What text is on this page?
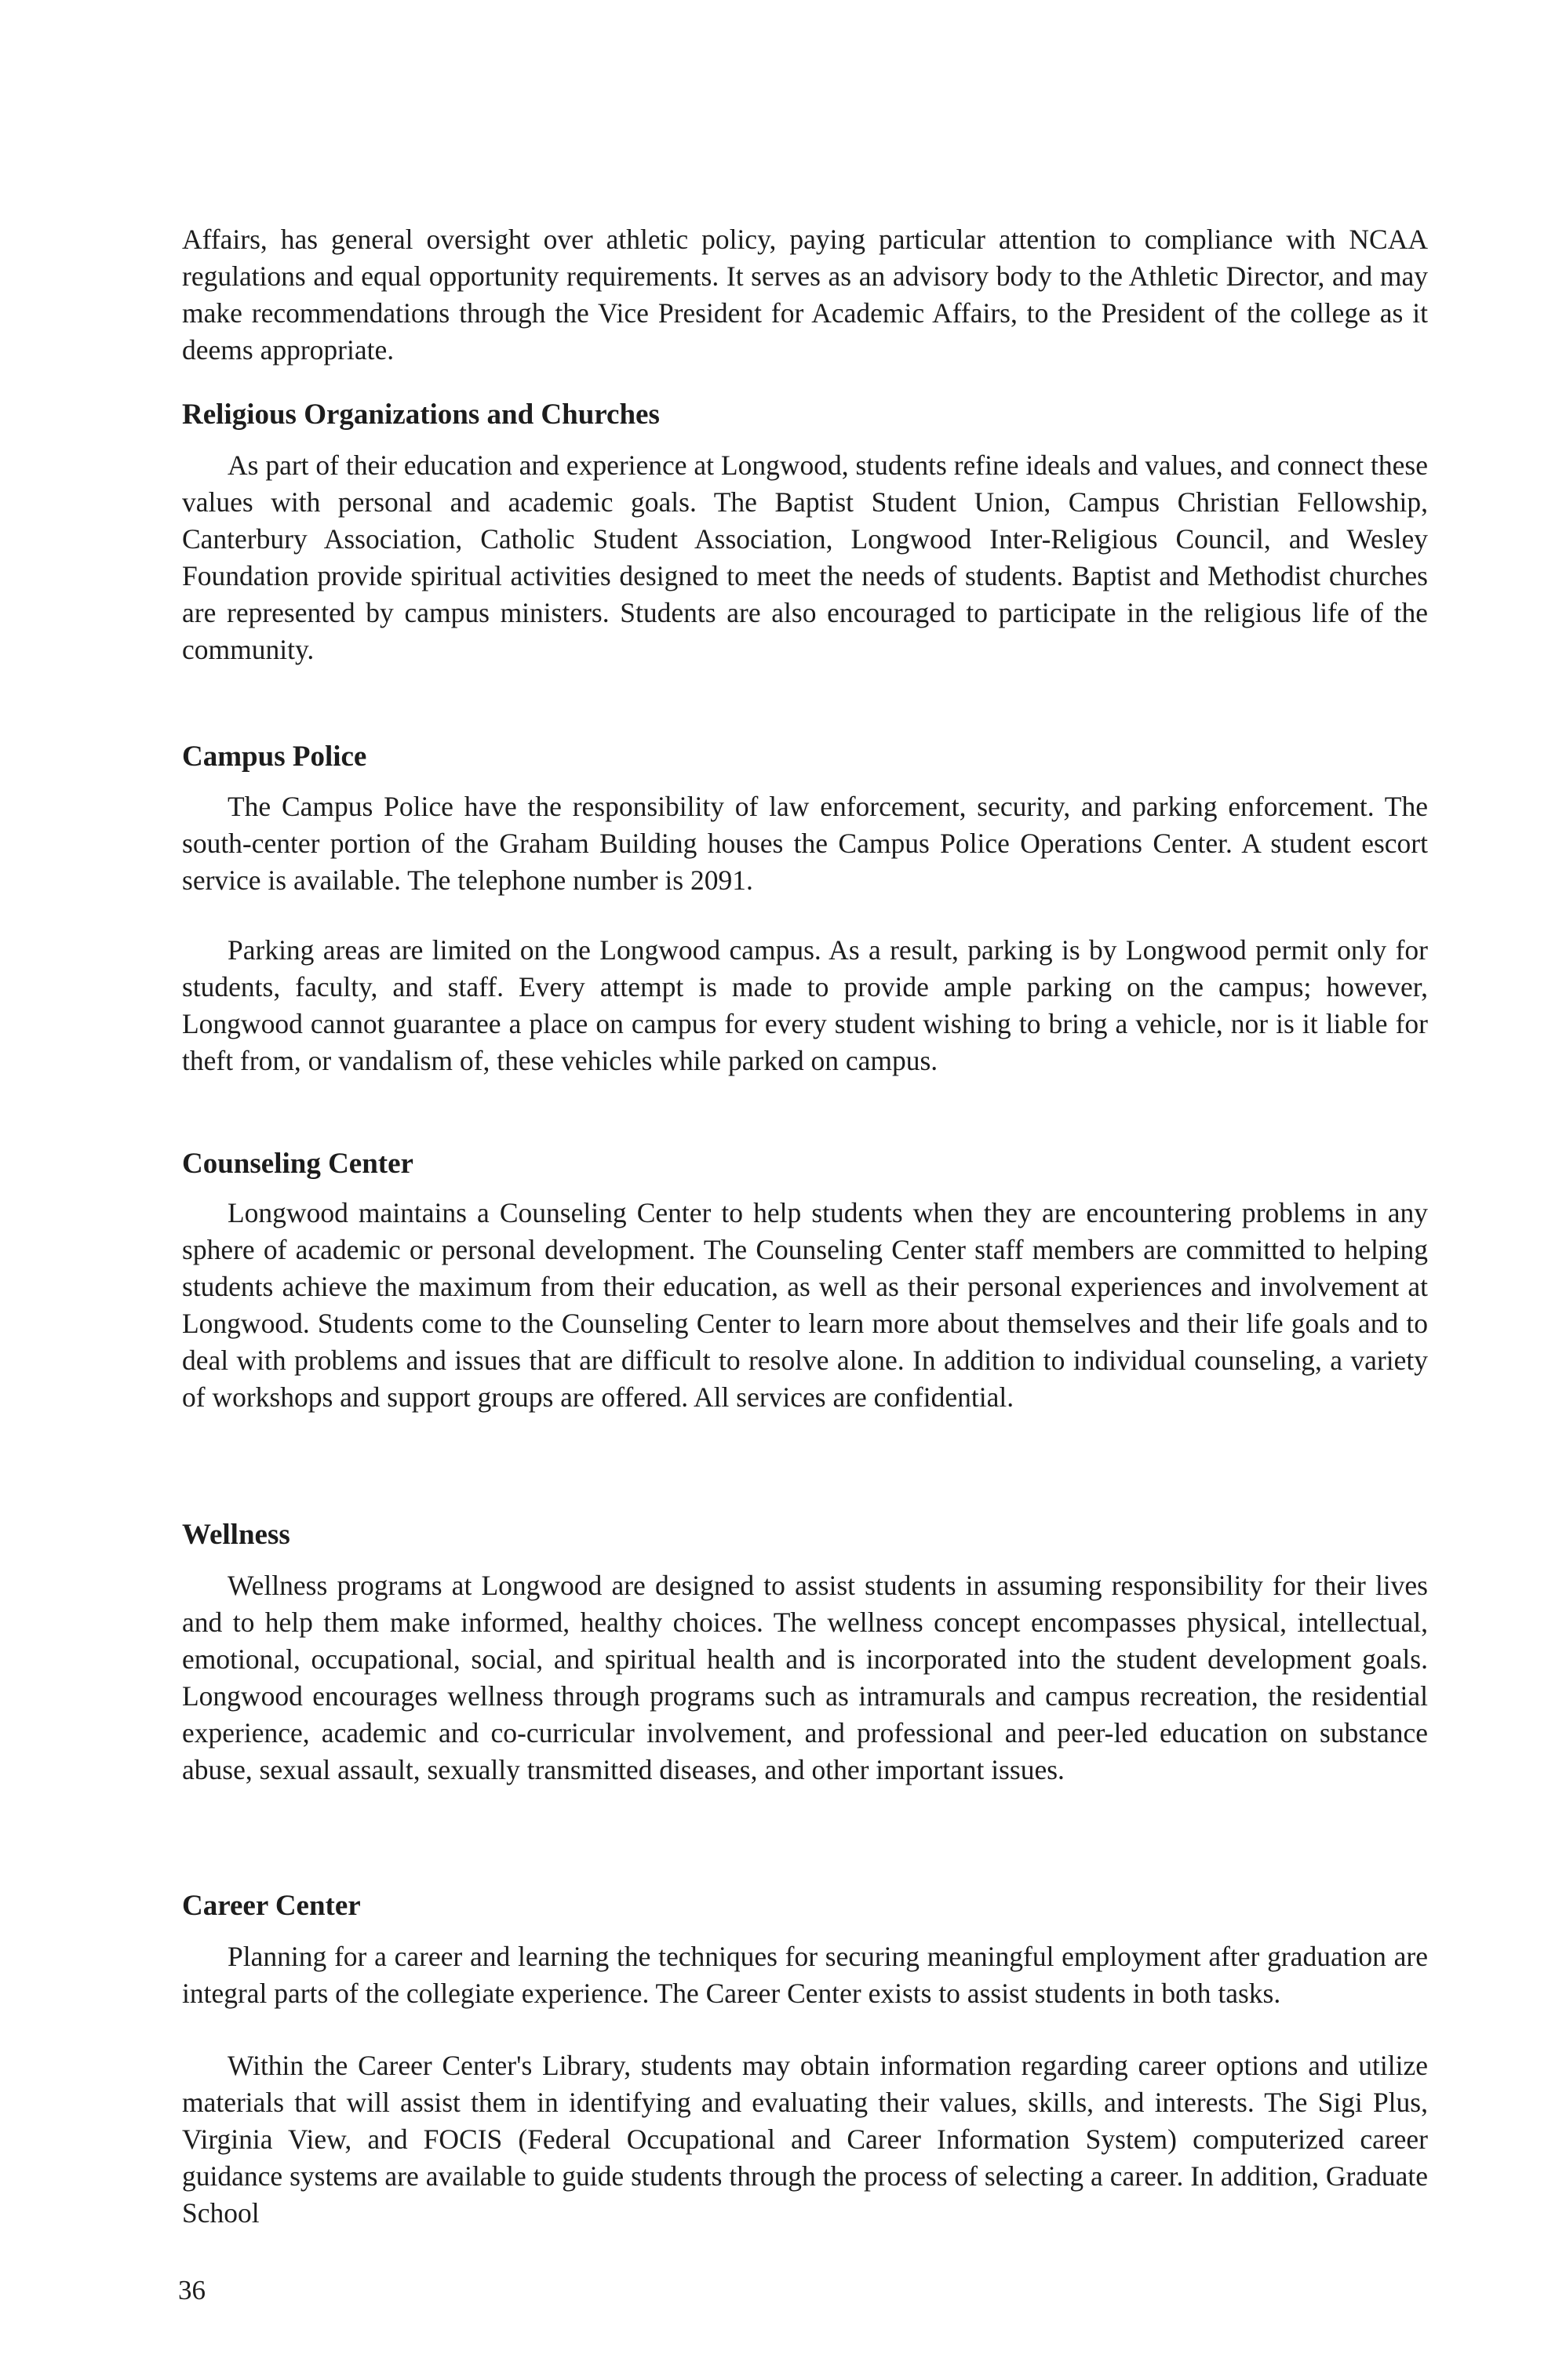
Affairs, has general oversight over athletic policy, paying particular attention to compliance with NCAA regulations and equal opportunity requirements. It serves as an advisory body to the Athletic Director, and may make recommendations through the Vice President for Academic Affairs, to the President of the college as it deems appropriate.

Religious Organizations and Churches

As part of their education and experience at Longwood, students refine ideals and values, and connect these values with personal and academic goals. The Baptist Student Union, Campus Christian Fellowship, Canterbury Association, Catholic Student Association, Longwood Inter-Religious Council, and Wesley Foundation provide spiritual activities designed to meet the needs of students. Baptist and Methodist churches are represented by campus ministers. Students are also encouraged to participate in the religious life of the community.

Campus Police

The Campus Police have the responsibility of law enforcement, security, and parking enforcement. The south-center portion of the Graham Building houses the Campus Police Operations Center. A student escort service is available. The telephone number is 2091.

Parking areas are limited on the Longwood campus. As a result, parking is by Longwood permit only for students, faculty, and staff. Every attempt is made to provide ample parking on the campus; however, Longwood cannot guarantee a place on campus for every student wishing to bring a vehicle, nor is it liable for theft from, or vandalism of, these vehicles while parked on campus.

Counseling Center

Longwood maintains a Counseling Center to help students when they are encountering problems in any sphere of academic or personal development. The Counseling Center staff members are committed to helping students achieve the maximum from their education, as well as their personal experiences and involvement at Longwood. Students come to the Counseling Center to learn more about themselves and their life goals and to deal with problems and issues that are difficult to resolve alone. In addition to individual counseling, a variety of workshops and support groups are offered. All services are confidential.

Wellness

Wellness programs at Longwood are designed to assist students in assuming responsibility for their lives and to help them make informed, healthy choices. The wellness concept encompasses physical, intellectual, emotional, occupational, social, and spiritual health and is incorporated into the student development goals. Longwood encourages wellness through programs such as intramurals and campus recreation, the residential experience, academic and co-curricular involvement, and professional and peer-led education on substance abuse, sexual assault, sexually transmitted diseases, and other important issues.

Career Center

Planning for a career and learning the techniques for securing meaningful employment after graduation are integral parts of the collegiate experience. The Career Center exists to assist students in both tasks.

Within the Career Center's Library, students may obtain information regarding career options and utilize materials that will assist them in identifying and evaluating their values, skills, and interests. The Sigi Plus, Virginia View, and FOCIS (Federal Occupational and Career Information System) computerized career guidance systems are available to guide students through the process of selecting a career. In addition, Graduate School

36
